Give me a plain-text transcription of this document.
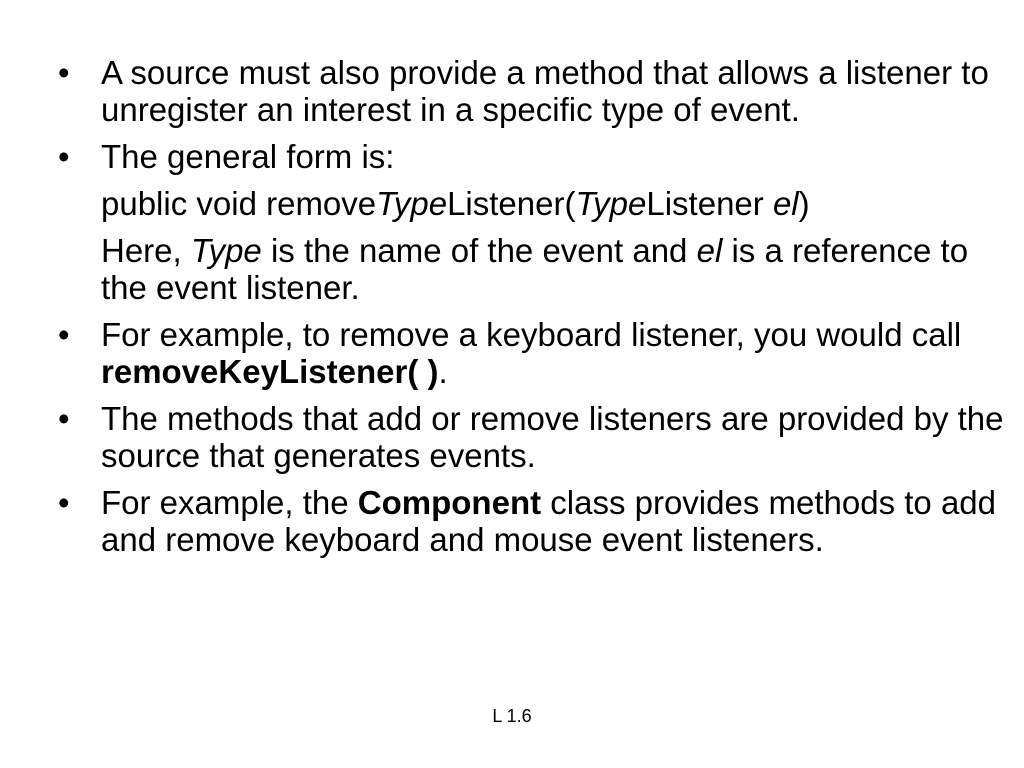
• A source must also provide a method that allows a listener to unregister an interest in a specific type of event.
• The general form is:
public void removeTypeListener(TypeListener el)
Here, Type is the name of the event and el is a reference to the event listener.
• For example, to remove a keyboard listener, you would call removeKeyListener( ).
• The methods that add or remove listeners are provided by the source that generates events.
• For example, the Component class provides methods to add and remove keyboard and mouse event listeners.
L 1.6
